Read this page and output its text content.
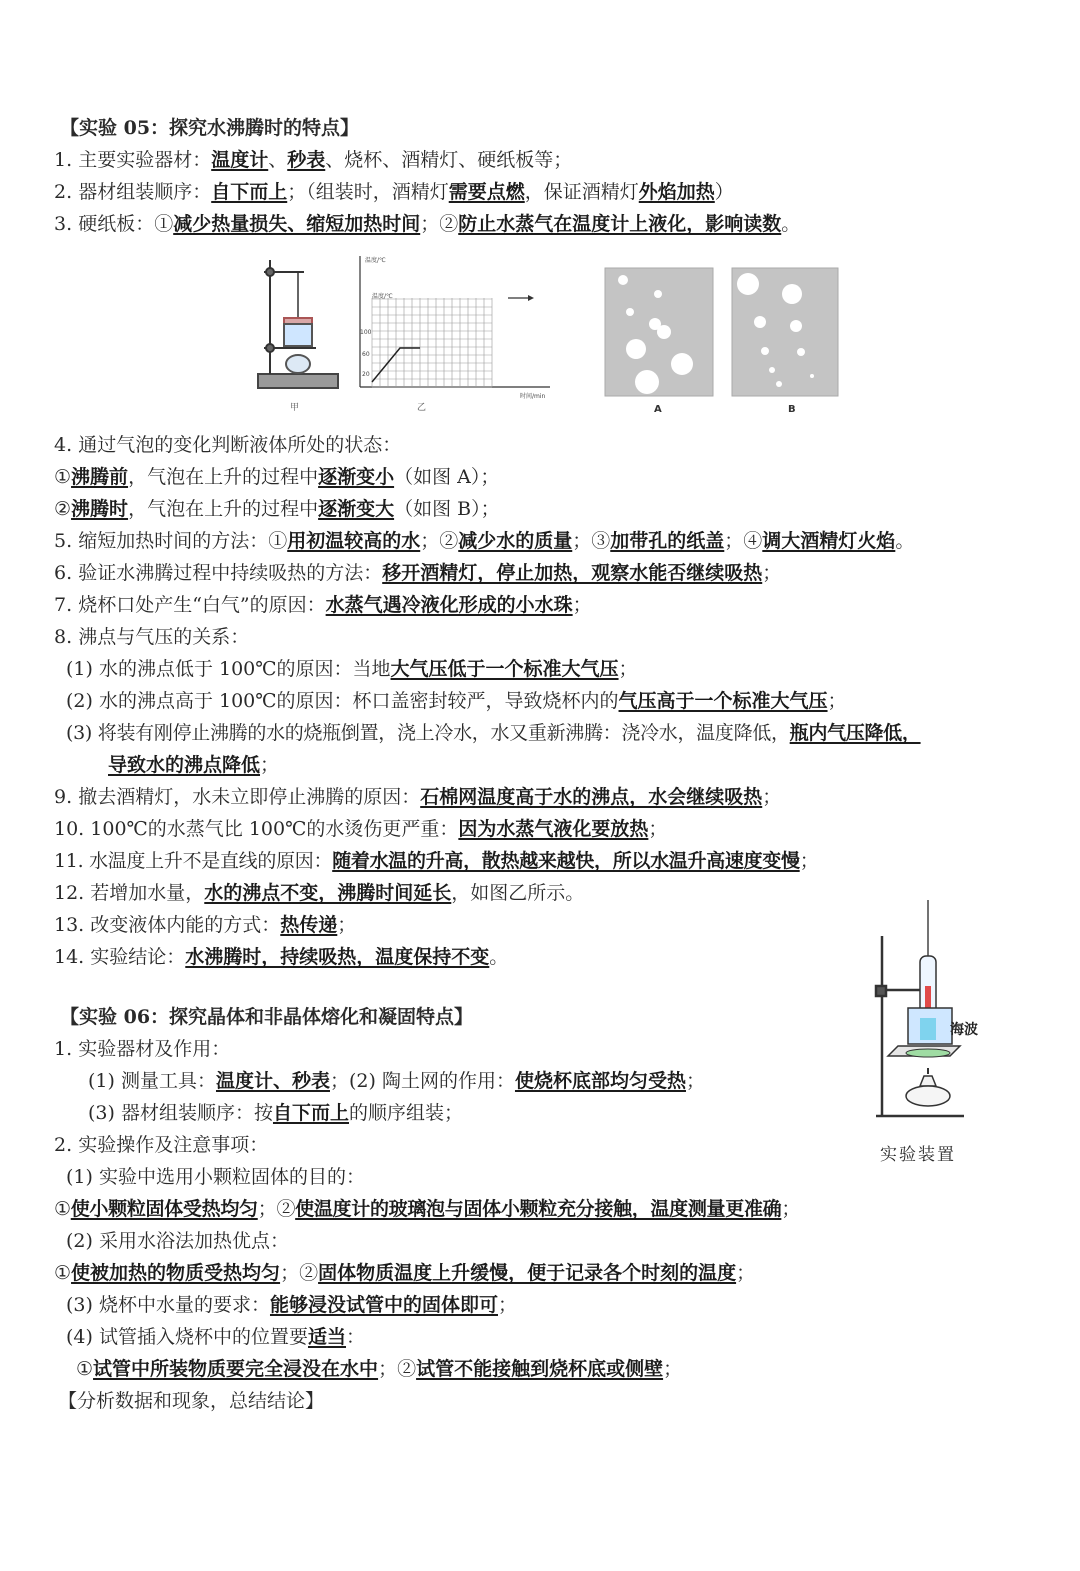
【实验 05：探究水沸腾时的特点】
1. 主要实验器材：温度计、秒表、烧杯、酒精灯、硬纸板等；
2. 器材组装顺序：自下而上；（组装时，酒精灯需要点燃，保证酒精灯外焰加热）
3. 硬纸板：①减少热量损失、缩短加热时间；②防止水蒸气在温度计上液化，影响读数。
甲
温度/℃
温度/℃
100
60
20
时间/min
乙	A	B
4. 通过气泡的变化判断液体所处的状态：
①沸腾前，气泡在上升的过程中逐渐变小（如图 A）；
②沸腾时，气泡在上升的过程中逐渐变大（如图 B）；
5. 缩短加热时间的方法：①用初温较高的水；②减少水的质量；③加带孔的纸盖；④调大酒精灯火焰。
6. 验证水沸腾过程中持续吸热的方法：移开酒精灯，停止加热，观察水能否继续吸热；
7. 烧杯口处产生“白气”的原因：水蒸气遇冷液化形成的小水珠；
8. 沸点与气压的关系：
(1) 水的沸点低于 100℃的原因：当地大气压低于一个标准大气压；
(2) 水的沸点高于 100℃的原因：杯口盖密封较严，导致烧杯内的气压高于一个标准大气压；
(3) 将装有刚停止沸腾的水的烧瓶倒置，浇上冷水，水又重新沸腾：浇冷水，温度降低，瓶内气压降低，
导致水的沸点降低；
9. 撤去酒精灯，水未立即停止沸腾的原因：石棉网温度高于水的沸点，水会继续吸热；
10. 100℃的水蒸气比 100℃的水烫伤更严重：因为水蒸气液化要放热；
11. 水温度上升不是直线的原因：随着水温的升高，散热越来越快，所以水温升高速度变慢；
12. 若增加水量，水的沸点不变，沸腾时间延长，如图乙所示。
13. 改变液体内能的方式：热传递；
14. 实验结论：水沸腾时，持续吸热，温度保持不变。
【实验 06：探究晶体和非晶体熔化和凝固特点】
1. 实验器材及作用：
(1) 测量工具：温度计、秒表；(2) 陶土网的作用：使烧杯底部均匀受热；
(3) 器材组装顺序：按自下而上的顺序组装；
2. 实验操作及注意事项：
(1) 实验中选用小颗粒固体的目的：
①使小颗粒固体受热均匀；②使温度计的玻璃泡与固体小颗粒充分接触，温度测量更准确；
(2) 采用水浴法加热优点：
①使被加热的物质受热均匀；②固体物质温度上升缓慢，便于记录各个时刻的温度；
(3) 烧杯中水量的要求：能够浸没试管中的固体即可；
(4) 试管插入烧杯中的位置要适当：
①试管中所装物质要完全浸没在水中；②试管不能接触到烧杯底或侧壁；
【分析数据和现象，总结结论】
海波
实验装置
